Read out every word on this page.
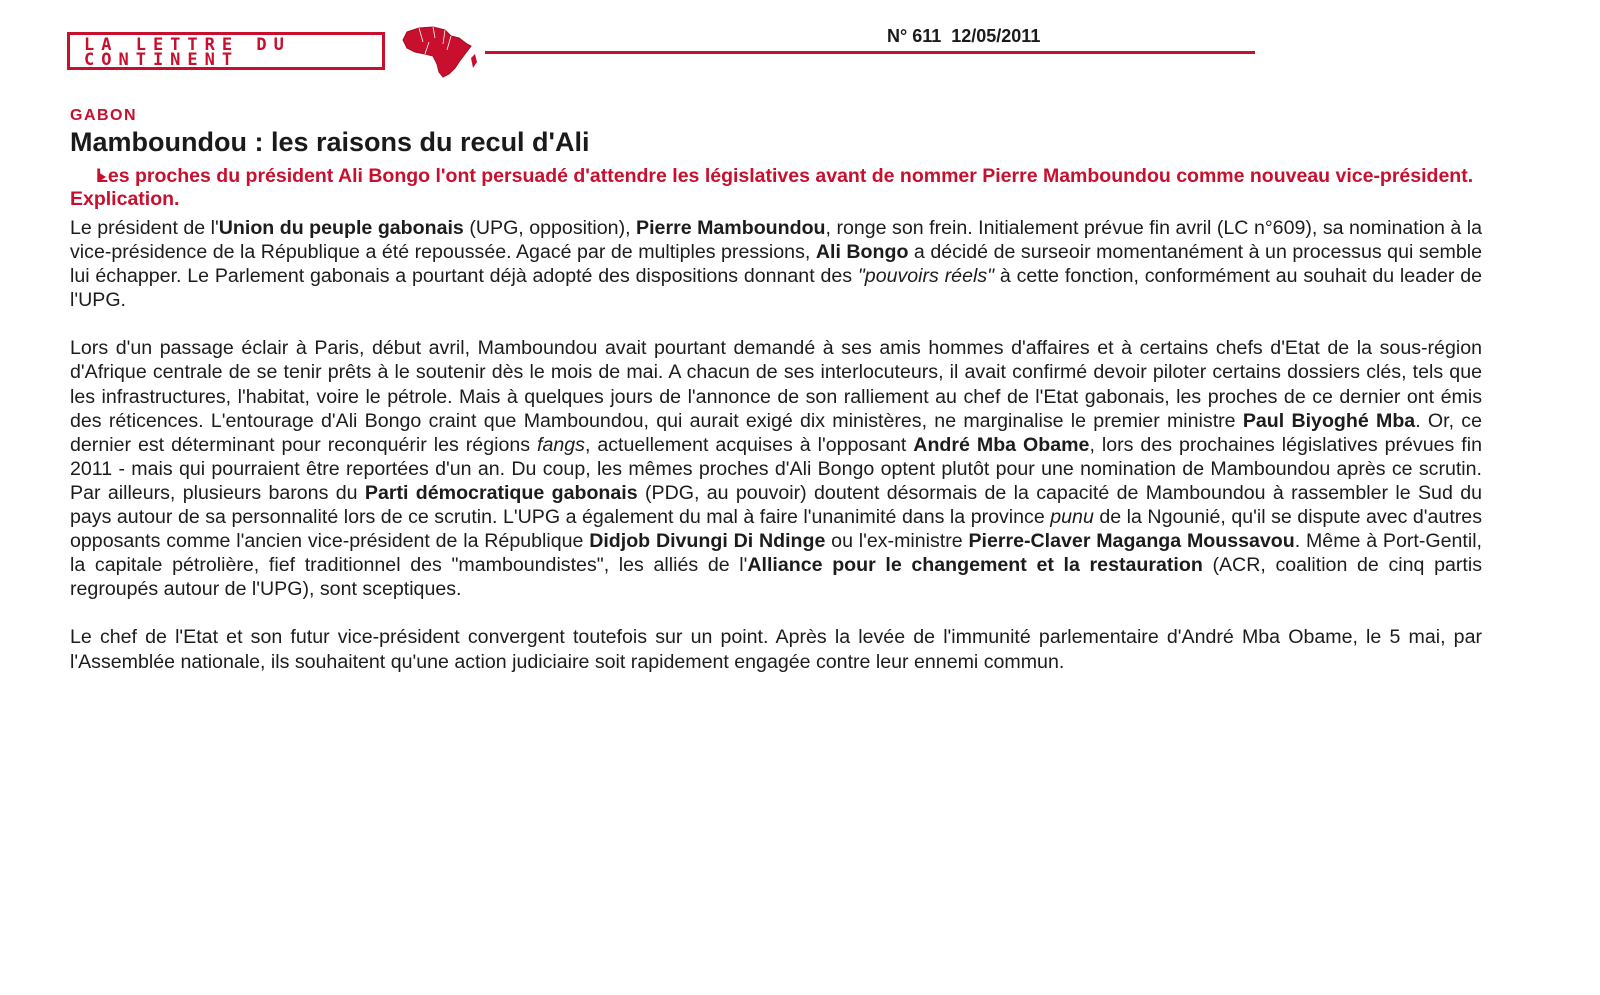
LA LETTRE DU
CONTINENT
N° 611  12/05/2011

GABON

Mamboundou : les raisons du recul d'Ali

Les proches du président Ali Bongo l'ont persuadé d'attendre les législatives avant de nommer Pierre Mamboundou comme nouveau vice-président. Explication.

Le président de l'Union du peuple gabonais (UPG, opposition), Pierre Mamboundou, ronge son frein. Initialement prévue fin avril (LC n°609), sa nomination à la vice-présidence de la République a été repoussée. Agacé par de multiples pressions, Ali Bongo a décidé de surseoir momentanément à un processus qui semble lui échapper. Le Parlement gabonais a pourtant déjà adopté des dispositions donnant des "pouvoirs réels" à cette fonction, conformément au souhait du leader de l'UPG.

Lors d'un passage éclair à Paris, début avril, Mamboundou avait pourtant demandé à ses amis hommes d'affaires et à certains chefs d'Etat de la sous-région d'Afrique centrale de se tenir prêts à le soutenir dès le mois de mai. A chacun de ses interlocuteurs, il avait confirmé devoir piloter certains dossiers clés, tels que les infrastructures, l'habitat, voire le pétrole. Mais à quelques jours de l'annonce de son ralliement au chef de l'Etat gabonais, les proches de ce dernier ont émis des réticences. L'entourage d'Ali Bongo craint que Mamboundou, qui aurait exigé dix ministères, ne marginalise le premier ministre Paul Biyoghé Mba. Or, ce dernier est déterminant pour reconquérir les régions fangs, actuellement acquises à l'opposant André Mba Obame, lors des prochaines législatives prévues fin 2011 - mais qui pourraient être reportées d'un an. Du coup, les mêmes proches d'Ali Bongo optent plutôt pour une nomination de Mamboundou après ce scrutin. Par ailleurs, plusieurs barons du Parti démocratique gabonais (PDG, au pouvoir) doutent désormais de la capacité de Mamboundou à rassembler le Sud du pays autour de sa personnalité lors de ce scrutin. L'UPG a également du mal à faire l'unanimité dans la province punu de la Ngounié, qu'il se dispute avec d'autres opposants comme l'ancien vice-président de la République Didjob Divungi Di Ndinge ou l'ex-ministre Pierre-Claver Maganga Moussavou. Même à Port-Gentil, la capitale pétrolière, fief traditionnel des "mamboundistes", les alliés de l'Alliance pour le changement et la restauration (ACR, coalition de cinq partis regroupés autour de l'UPG), sont sceptiques.

Le chef de l'Etat et son futur vice-président convergent toutefois sur un point. Après la levée de l'immunité parlementaire d'André Mba Obame, le 5 mai, par l'Assemblée nationale, ils souhaitent qu'une action judiciaire soit rapidement engagée contre leur ennemi commun.
